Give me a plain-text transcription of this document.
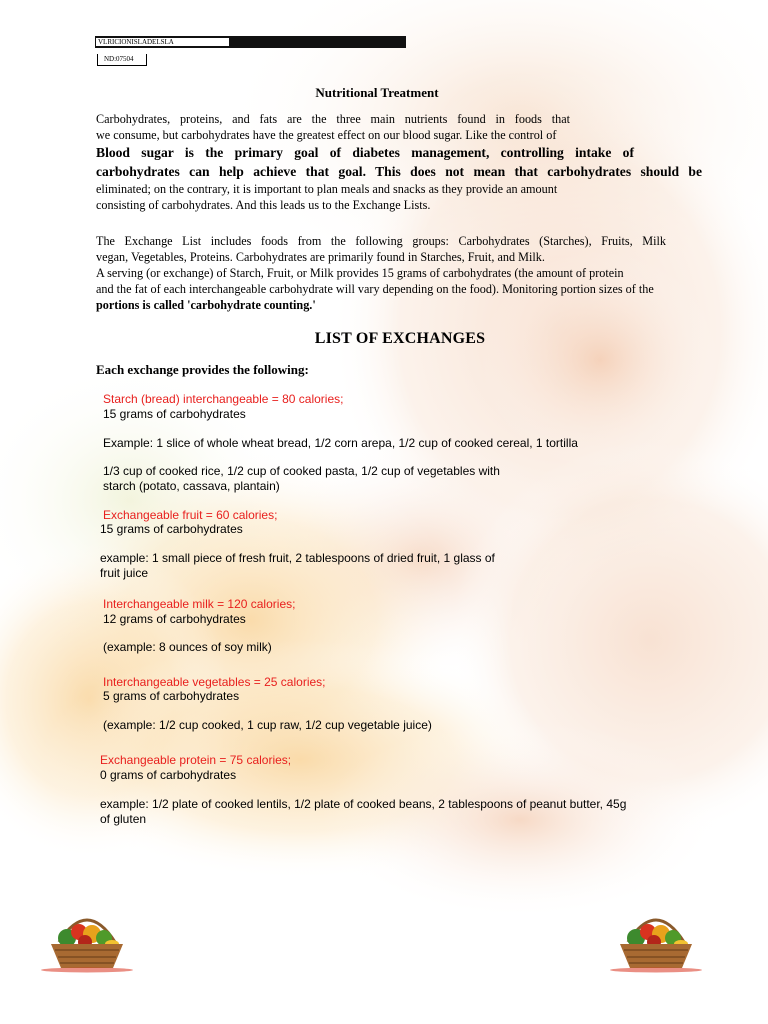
VLRICIONISLADELSLA
ND:07504
Nutritional Treatment
Carbohydrates, proteins, and fats are the three main nutrients found in foods that
we consume, but carbohydrates have the greatest effect on our blood sugar. Like the control of
Blood sugar is the primary goal of diabetes management, controlling intake of
carbohydrates can help achieve that goal. This does not mean that carbohydrates should be
eliminated; on the contrary, it is important to plan meals and snacks as they provide an amount
consisting of carbohydrates. And this leads us to the Exchange Lists.
The Exchange List includes foods from the following groups: Carbohydrates (Starches), Fruits, Milk
vegan, Vegetables, Proteins. Carbohydrates are primarily found in Starches, Fruit, and Milk.
A serving (or exchange) of Starch, Fruit, or Milk provides 15 grams of carbohydrates (the amount of protein
and the fat of each interchangeable carbohydrate will vary depending on the food). Monitoring portion sizes of the
portions is called 'carbohydrate counting.'
LIST OF EXCHANGES
Each exchange provides the following:
Starch (bread) interchangeable = 80 calories;
15 grams of carbohydrates
Example: 1 slice of whole wheat bread, 1/2 corn arepa, 1/2 cup of cooked cereal, 1 tortilla
1/3 cup of cooked rice, 1/2 cup of cooked pasta, 1/2 cup of vegetables with
starch (potato, cassava, plantain)
Exchangeable fruit = 60 calories;
15 grams of carbohydrates
example: 1 small piece of fresh fruit, 2 tablespoons of dried fruit, 1 glass of
fruit juice
Interchangeable milk = 120 calories;
12 grams of carbohydrates
(example: 8 ounces of soy milk)
Interchangeable vegetables = 25 calories;
5 grams of carbohydrates
(example: 1/2 cup cooked, 1 cup raw, 1/2 cup vegetable juice)
Exchangeable protein = 75 calories;
0 grams of carbohydrates
example: 1/2 plate of cooked lentils, 1/2 plate of cooked beans, 2 tablespoons of peanut butter, 45g
of gluten
